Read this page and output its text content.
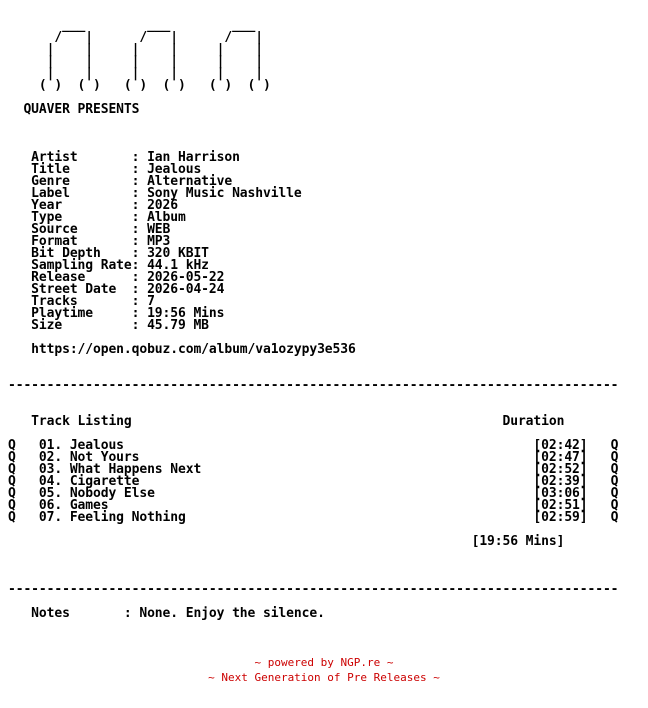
___        ___        ___
/   |      /   |      /   |
|    |     |    |     |    |
|    |     |    |     |    |
|    |     |    |     |    |
( )  ( )   ( )  ( )   ( )  ( )
QUAVER PRESENTS
Artist       : Ian Harrison
Title        : Jealous
Genre        : Alternative
Label        : Sony Music Nashville
Year         : 2026
Type         : Album
Source       : WEB
Format       : MP3
Bit Depth    : 320 KBIT
Sampling Rate: 44.1 kHz
Release      : 2026-05-22
Street Date  : 2026-04-24
Tracks       : 7
Playtime     : 19:56 Mins
Size         : 45.79 MB
https://open.qobuz.com/album/va1ozypy3e536
-------------------------------------------------------------------------------
Track Listing                                                Duration
Q   01. Jealous                                                     [02:42]   Q
Q   02. Not Yours                                                   [02:47]   Q
Q   03. What Happens Next                                           [02:52]   Q
Q   04. Cigarette                                                   [02:39]   Q
Q   05. Nobody Else                                                 [03:06]   Q
Q   06. Games                                                       [02:51]   Q
Q   07. Feeling Nothing                                             [02:59]   Q
[19:56 Mins]
-------------------------------------------------------------------------------
Notes       : None. Enjoy the silence.
~ powered by NGP.re ~
~ Next Generation of Pre Releases ~
